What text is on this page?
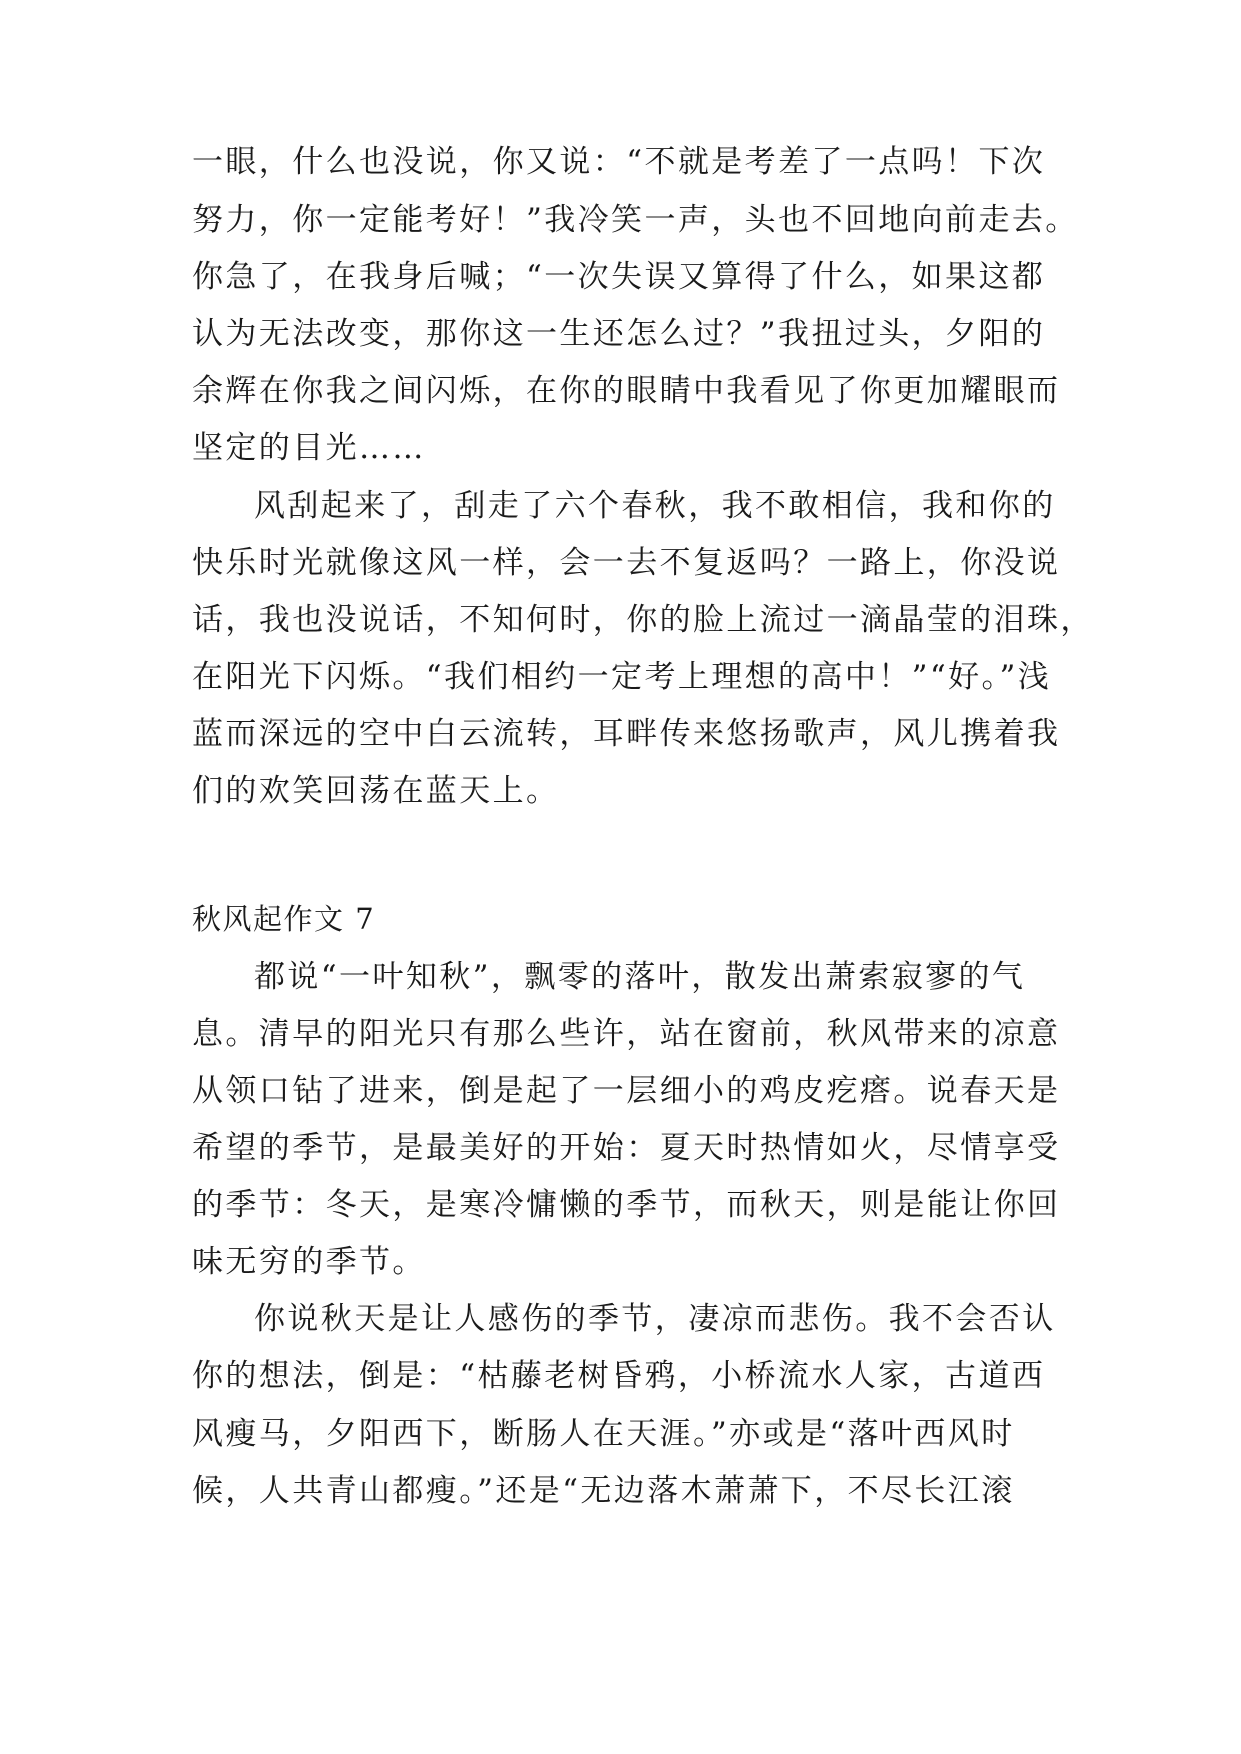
一眼，什么也没说，你又说：“不就是考差了一点吗！下次
努力，你一定能考好！”我冷笑一声，头也不回地向前走去。
你急了，在我身后喊；“一次失误又算得了什么，如果这都
认为无法改变，那你这一生还怎么过？”我扭过头，夕阳的
余辉在你我之间闪烁，在你的眼睛中我看见了你更加耀眼而
坚定的目光……
风刮起来了，刮走了六个春秋，我不敢相信，我和你的
快乐时光就像这风一样，会一去不复返吗？一路上，你没说
话，我也没说话，不知何时，你的脸上流过一滴晶莹的泪珠，
在阳光下闪烁。“我们相约一定考上理想的高中！”“好。”浅
蓝而深远的空中白云流转，耳畔传来悠扬歌声，风儿携着我
们的欢笑回荡在蓝天上。
秋风起作文 7
都说“一叶知秋”，飘零的落叶，散发出萧索寂寥的气
息。清早的阳光只有那么些许，站在窗前，秋风带来的凉意
从领口钻了进来，倒是起了一层细小的鸡皮疙瘩。说春天是
希望的季节，是最美好的开始：夏天时热情如火，尽情享受
的季节：冬天，是寒冷慵懒的季节，而秋天，则是能让你回
味无穷的季节。
你说秋天是让人感伤的季节，凄凉而悲伤。我不会否认
你的想法，倒是：“枯藤老树昏鸦，小桥流水人家，古道西
风瘦马，夕阳西下，断肠人在天涯。”亦或是“落叶西风时
候，人共青山都瘦。”还是“无边落木萧萧下，不尽长江滚
